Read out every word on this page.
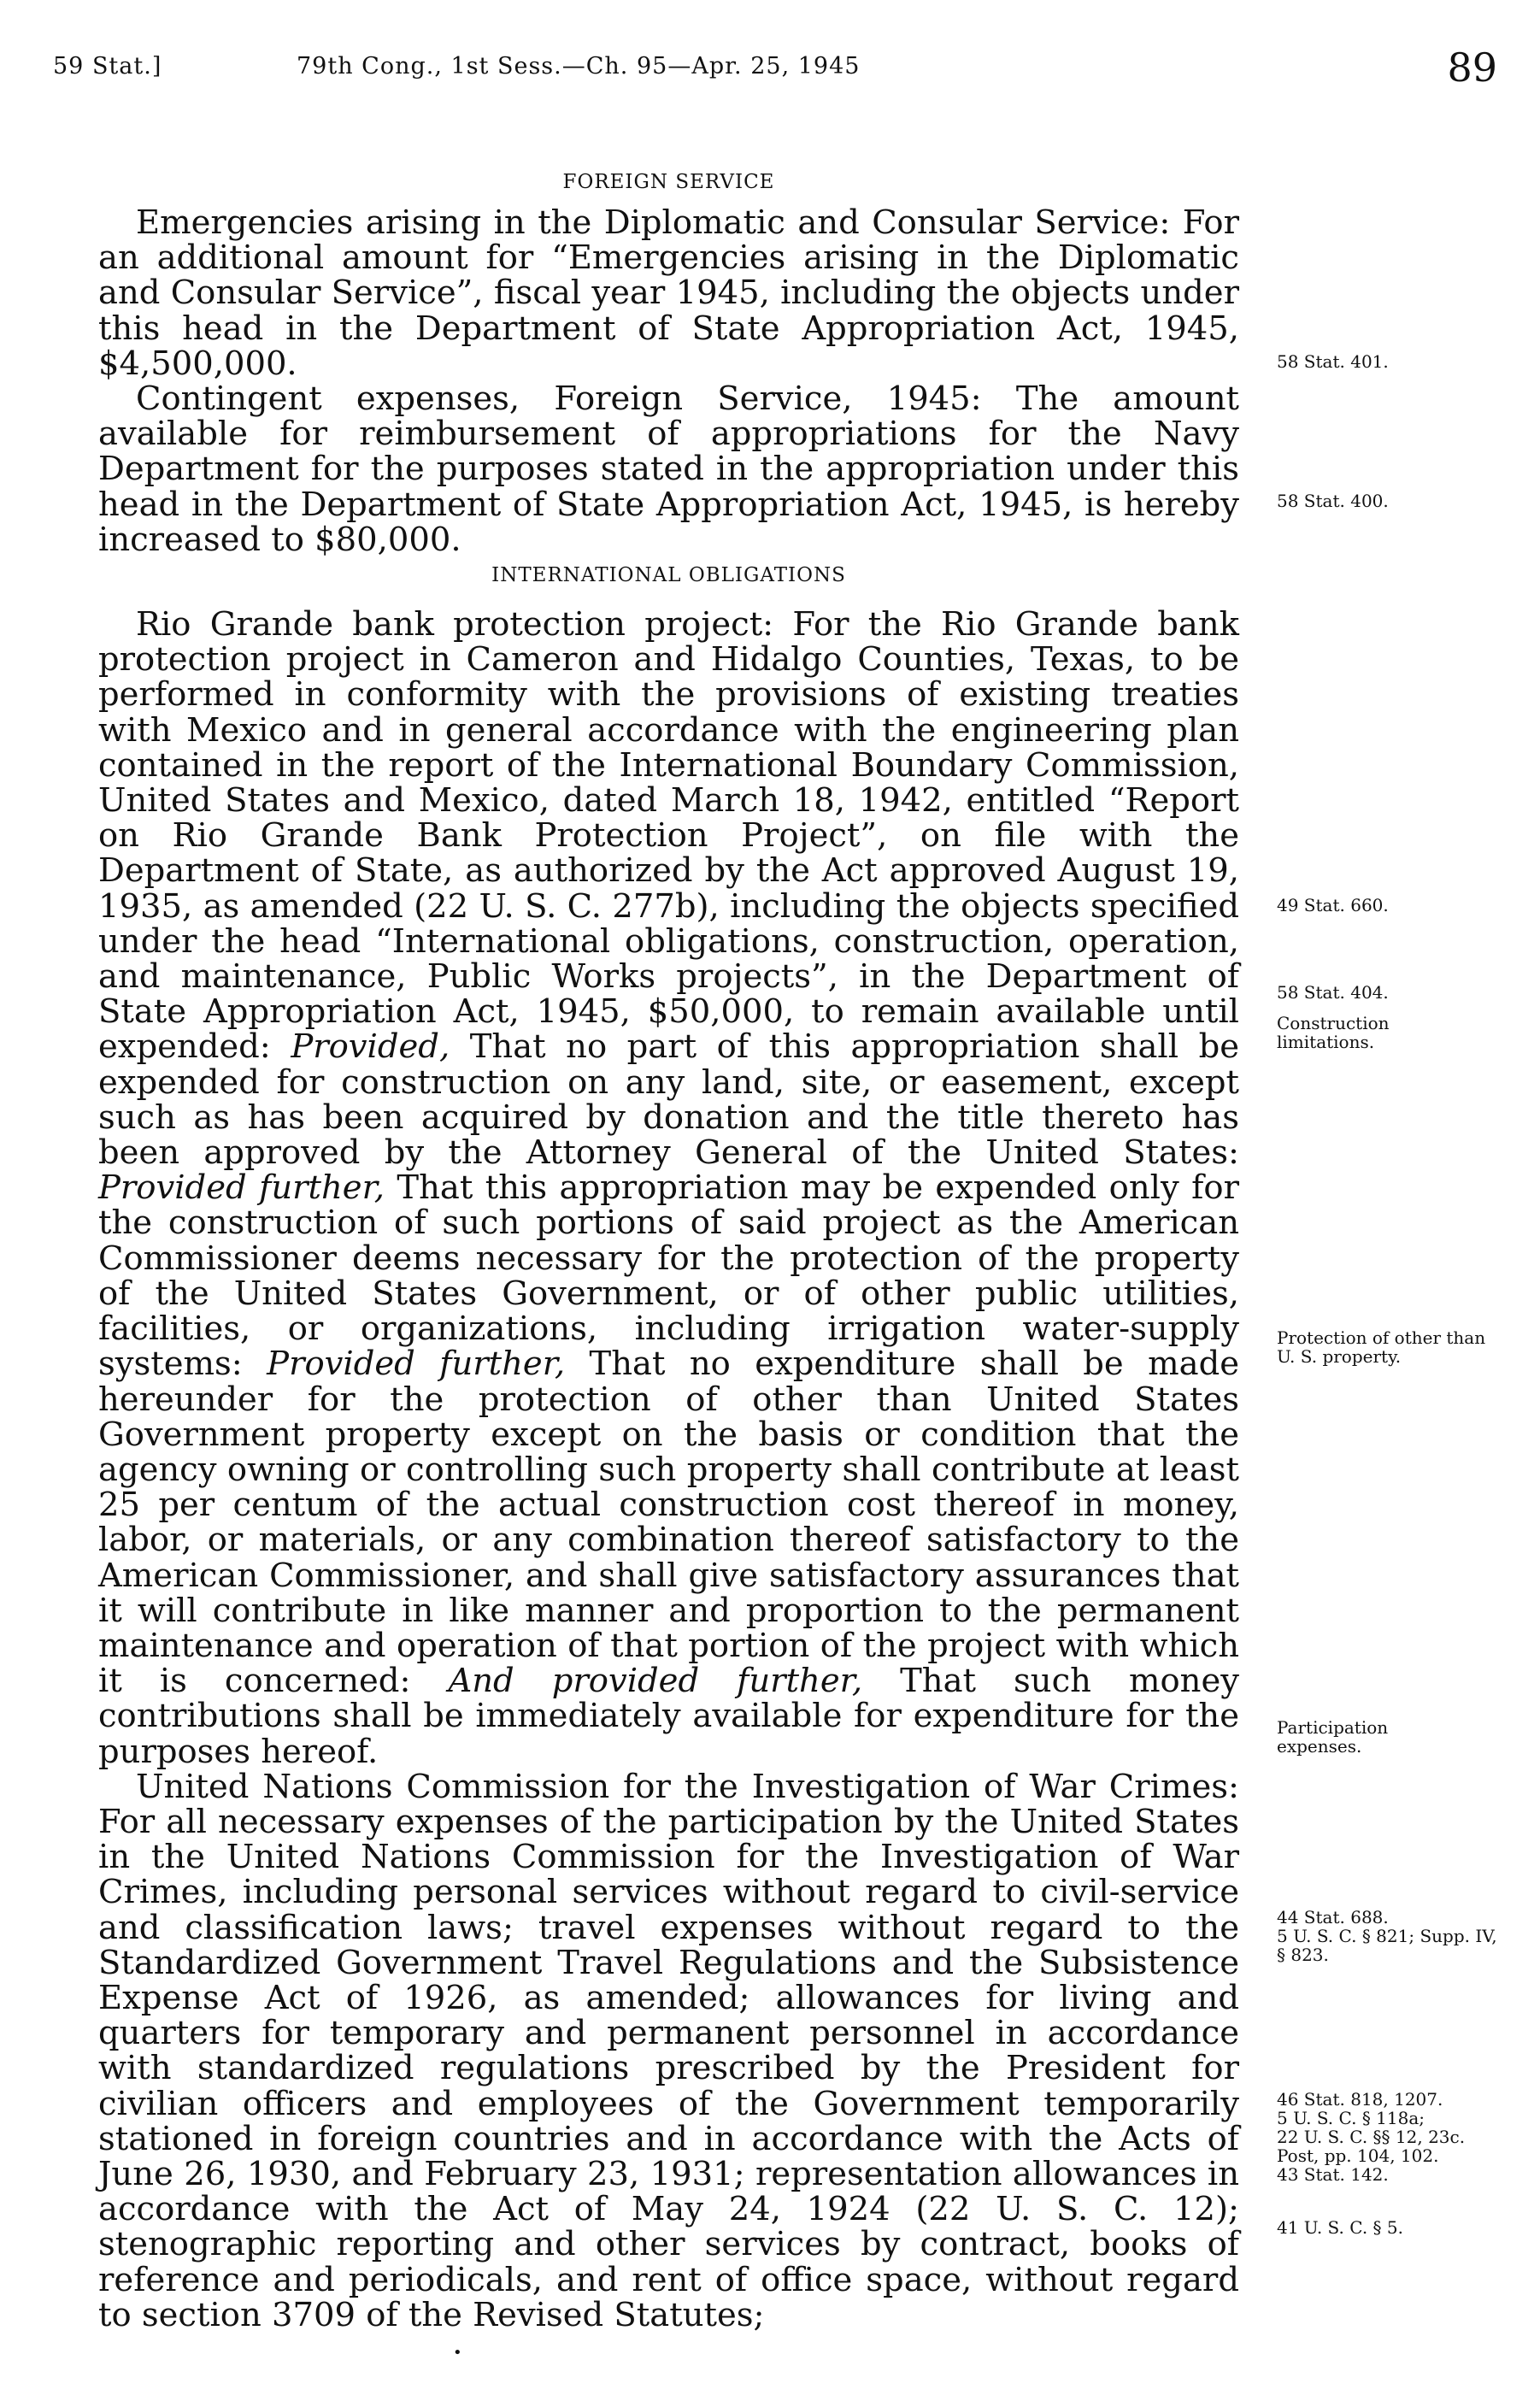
59 Stat.]	79th Cong., 1st Sess.—Ch. 95—Apr. 25, 1945	89
FOREIGN SERVICE

Emergencies arising in the Diplomatic and Consular Service: For an additional amount for “Emergencies arising in the Diplomatic and Consular Service”, fiscal year 1945, including the objects under this head in the Department of State Appropriation Act, 1945, $4,500,000.

Contingent expenses, Foreign Service, 1945: The amount available for reimbursement of appropriations for the Navy Department for the purposes stated in the appropriation under this head in the Department of State Appropriation Act, 1945, is hereby increased to $80,000.

INTERNATIONAL OBLIGATIONS

Rio Grande bank protection project: For the Rio Grande bank protection project in Cameron and Hidalgo Counties, Texas, to be performed in conformity with the provisions of existing treaties with Mexico and in general accordance with the engineering plan contained in the report of the International Boundary Commission, United States and Mexico, dated March 18, 1942, entitled “Report on Rio Grande Bank Protection Project”, on file with the Department of State, as authorized by the Act approved August 19, 1935, as amended (22 U. S. C. 277b), including the objects specified under the head “International obligations, construction, operation, and maintenance, Public Works projects”, in the Department of State Appropriation Act, 1945, $50,000, to remain available until expended: Provided, That no part of this appropriation shall be expended for construction on any land, site, or easement, except such as has been acquired by donation and the title thereto has been approved by the Attorney General of the United States: Provided further, That this appropriation may be expended only for the construction of such portions of said project as the American Commissioner deems necessary for the protection of the property of the United States Government, or of other public utilities, facilities, or organizations, including irrigation water-supply systems: Provided further, That no expenditure shall be made hereunder for the protection of other than United States Government property except on the basis or condition that the agency owning or controlling such property shall contribute at least 25 per centum of the actual construction cost thereof in money, labor, or materials, or any combination thereof satisfactory to the American Commissioner, and shall give satisfactory assurances that it will contribute in like manner and proportion to the permanent maintenance and operation of that portion of the project with which it is concerned: And provided further, That such money contributions shall be immediately available for expenditure for the purposes hereof.

United Nations Commission for the Investigation of War Crimes: For all necessary expenses of the participation by the United States in the United Nations Commission for the Investigation of War Crimes, including personal services without regard to civil-service and classification laws; travel expenses without regard to the Standardized Government Travel Regulations and the Subsistence Expense Act of 1926, as amended; allowances for living and quarters for temporary and permanent personnel in accordance with standardized regulations prescribed by the President for civilian officers and employees of the Government temporarily stationed in foreign countries and in accordance with the Acts of June 26, 1930, and February 23, 1931; representation allowances in accordance with the Act of May 24, 1924 (22 U. S. C. 12); stenographic reporting and other services by contract, books of reference and periodicals, and rent of office space, without regard to section 3709 of the Revised Statutes;

58 Stat. 401.
58 Stat. 400.
49 Stat. 660.
58 Stat. 404.
Construction limitations.
Protection of other than U. S. property.
Participation expenses.
44 Stat. 688.
5 U. S. C. § 821; Supp. IV, § 823.
46 Stat. 818, 1207.
5 U. S. C. § 118a;
22 U. S. C. §§ 12, 23c.
Post, pp. 104, 102.
43 Stat. 142.
41 U. S. C. § 5.
•
